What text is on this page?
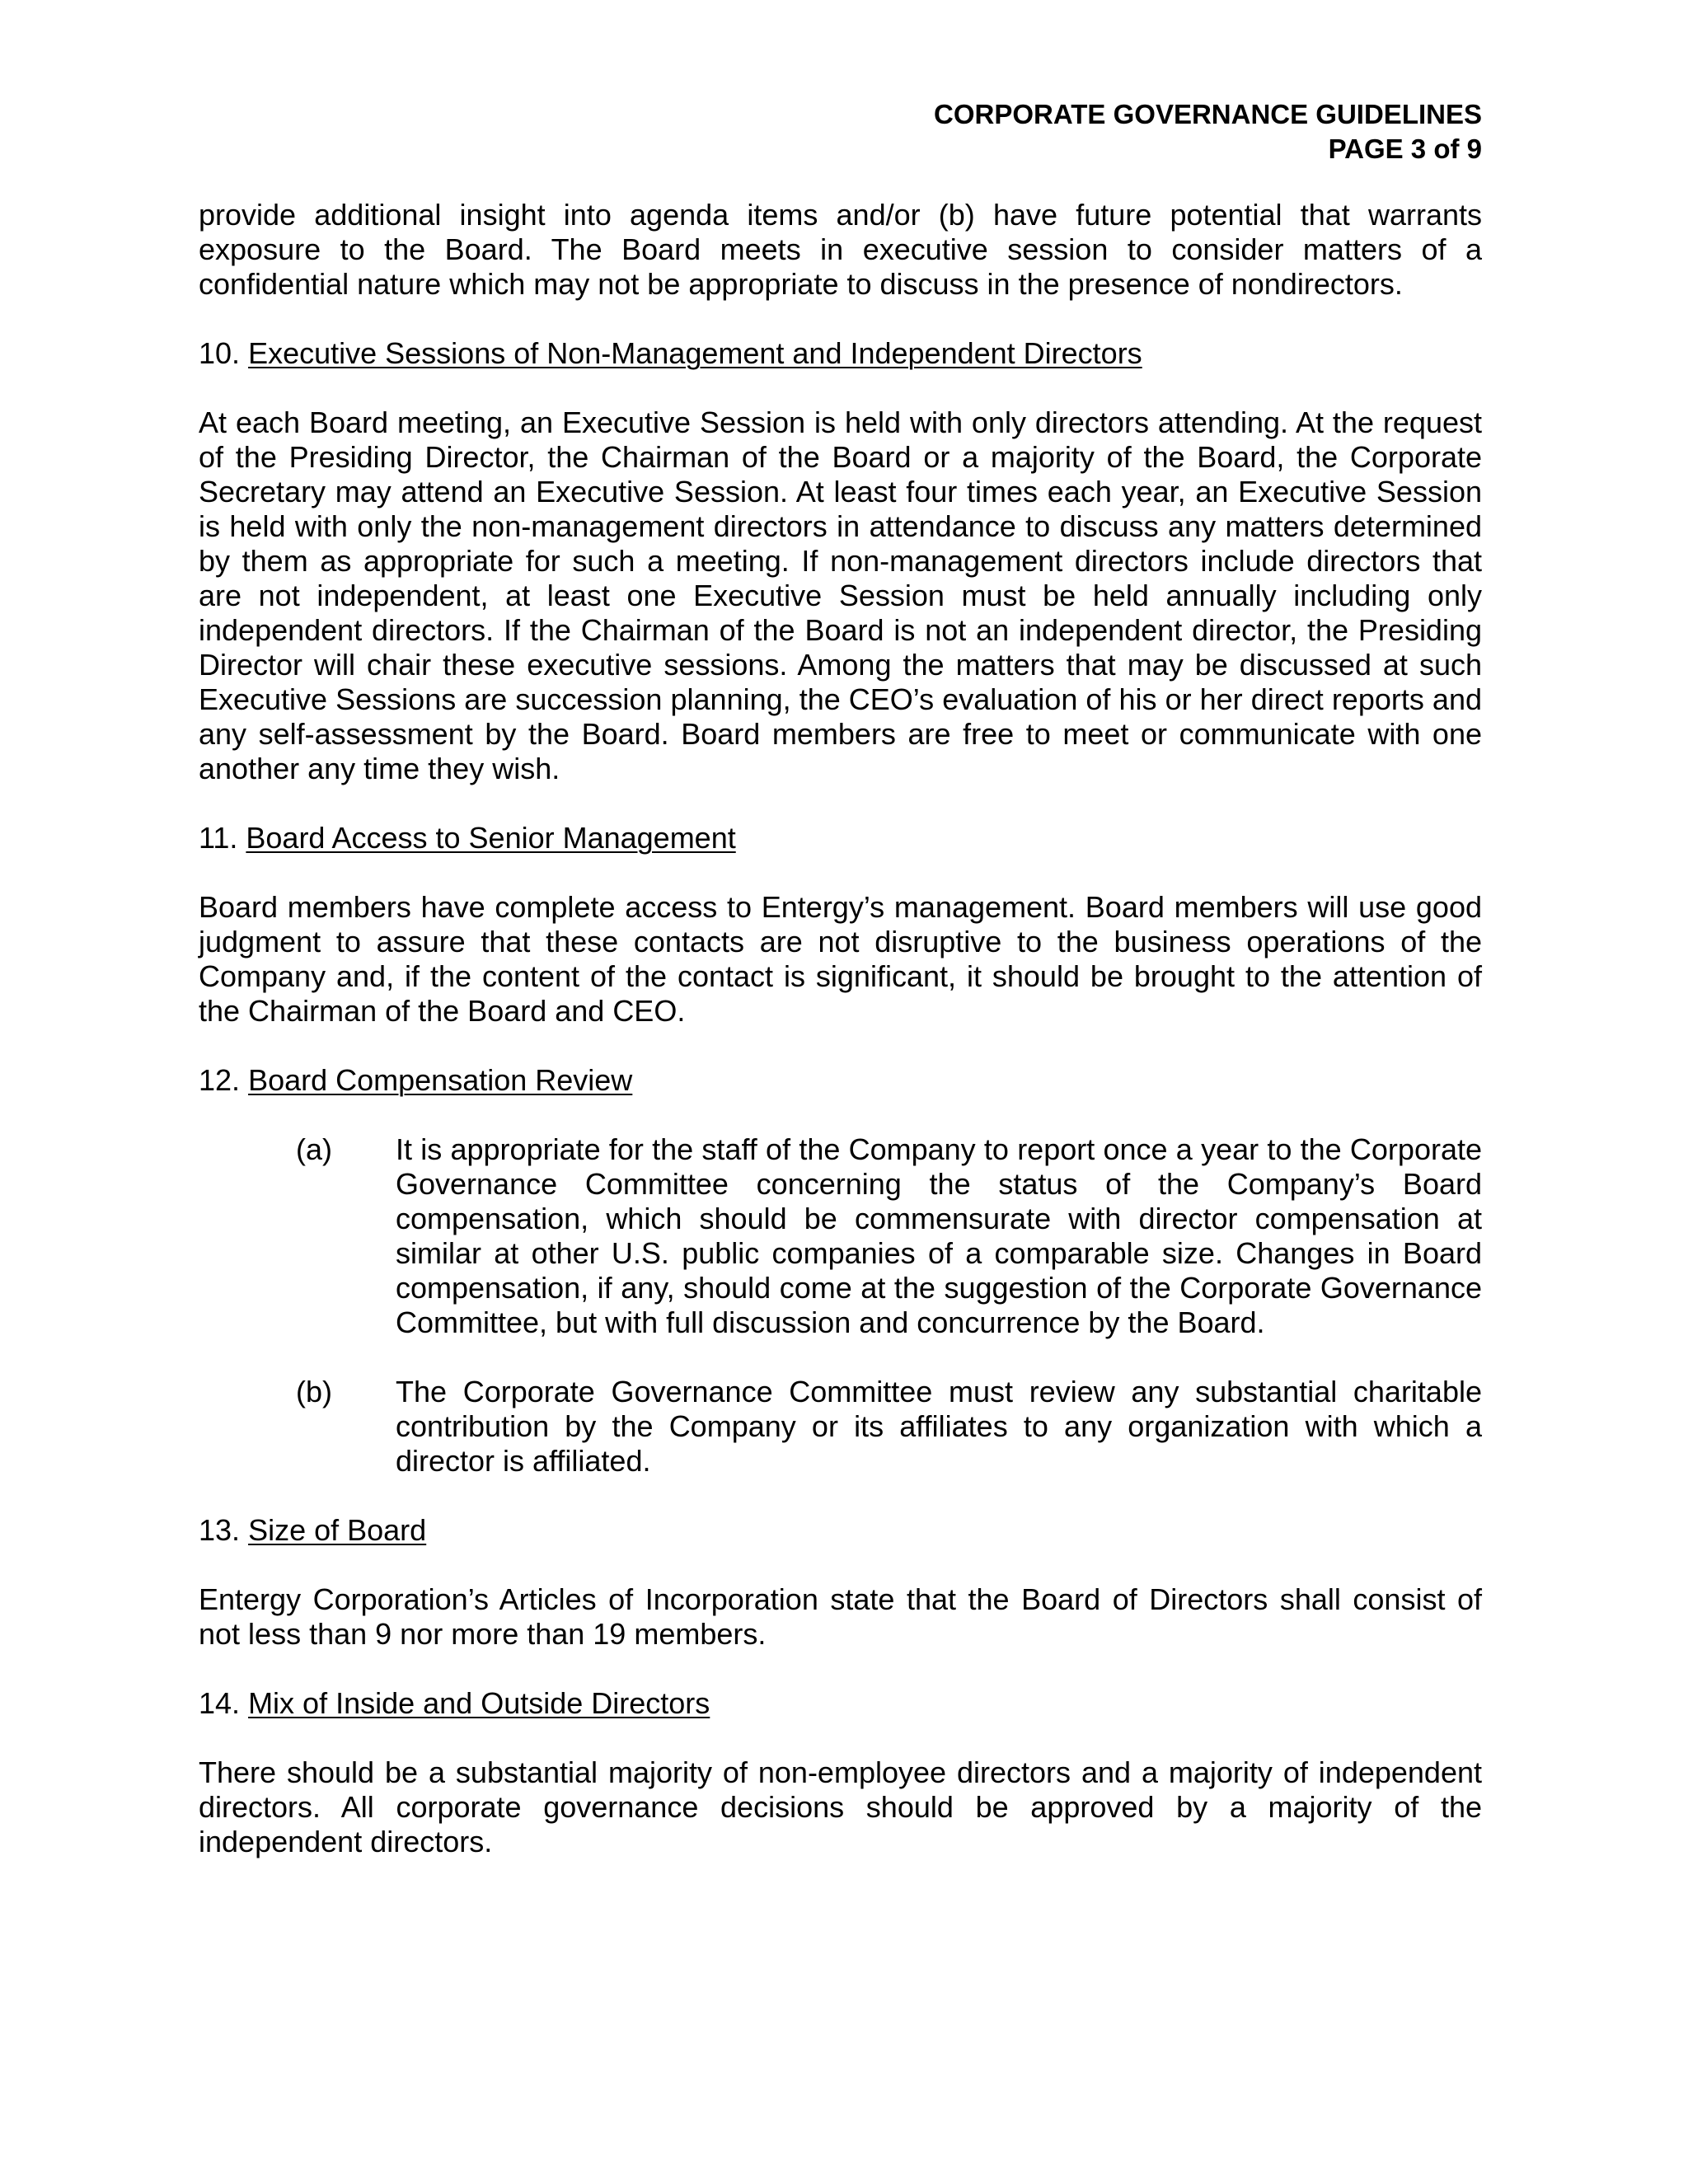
CORPORATE GOVERNANCE GUIDELINES
PAGE 3 of 9

provide additional insight into agenda items and/or (b) have future potential that warrants exposure to the Board. The Board meets in executive session to consider matters of a confidential nature which may not be appropriate to discuss in the presence of nondirectors.

10. Executive Sessions of Non-Management and Independent Directors

At each Board meeting, an Executive Session is held with only directors attending. At the request of the Presiding Director, the Chairman of the Board or a majority of the Board, the Corporate Secretary may attend an Executive Session. At least four times each year, an Executive Session is held with only the non-management directors in attendance to discuss any matters determined by them as appropriate for such a meeting. If non-management directors include directors that are not independent, at least one Executive Session must be held annually including only independent directors. If the Chairman of the Board is not an independent director, the Presiding Director will chair these executive sessions. Among the matters that may be discussed at such Executive Sessions are succession planning, the CEO’s evaluation of his or her direct reports and any self-assessment by the Board. Board members are free to meet or communicate with one another any time they wish.

11. Board Access to Senior Management

Board members have complete access to Entergy’s management. Board members will use good judgment to assure that these contacts are not disruptive to the business operations of the Company and, if the content of the contact is significant, it should be brought to the attention of the Chairman of the Board and CEO.

12. Board Compensation Review
(a) It is appropriate for the staff of the Company to report once a year to the Corporate Governance Committee concerning the status of the Company’s Board compensation, which should be commensurate with director compensation at similar at other U.S. public companies of a comparable size. Changes in Board compensation, if any, should come at the suggestion of the Corporate Governance Committee, but with full discussion and concurrence by the Board.

(b) The Corporate Governance Committee must review any substantial charitable contribution by the Company or its affiliates to any organization with which a director is affiliated.

13. Size of Board

Entergy Corporation’s Articles of Incorporation state that the Board of Directors shall consist of not less than 9 nor more than 19 members.

14. Mix of Inside and Outside Directors

There should be a substantial majority of non-employee directors and a majority of independent directors. All corporate governance decisions should be approved by a majority of the independent directors.
